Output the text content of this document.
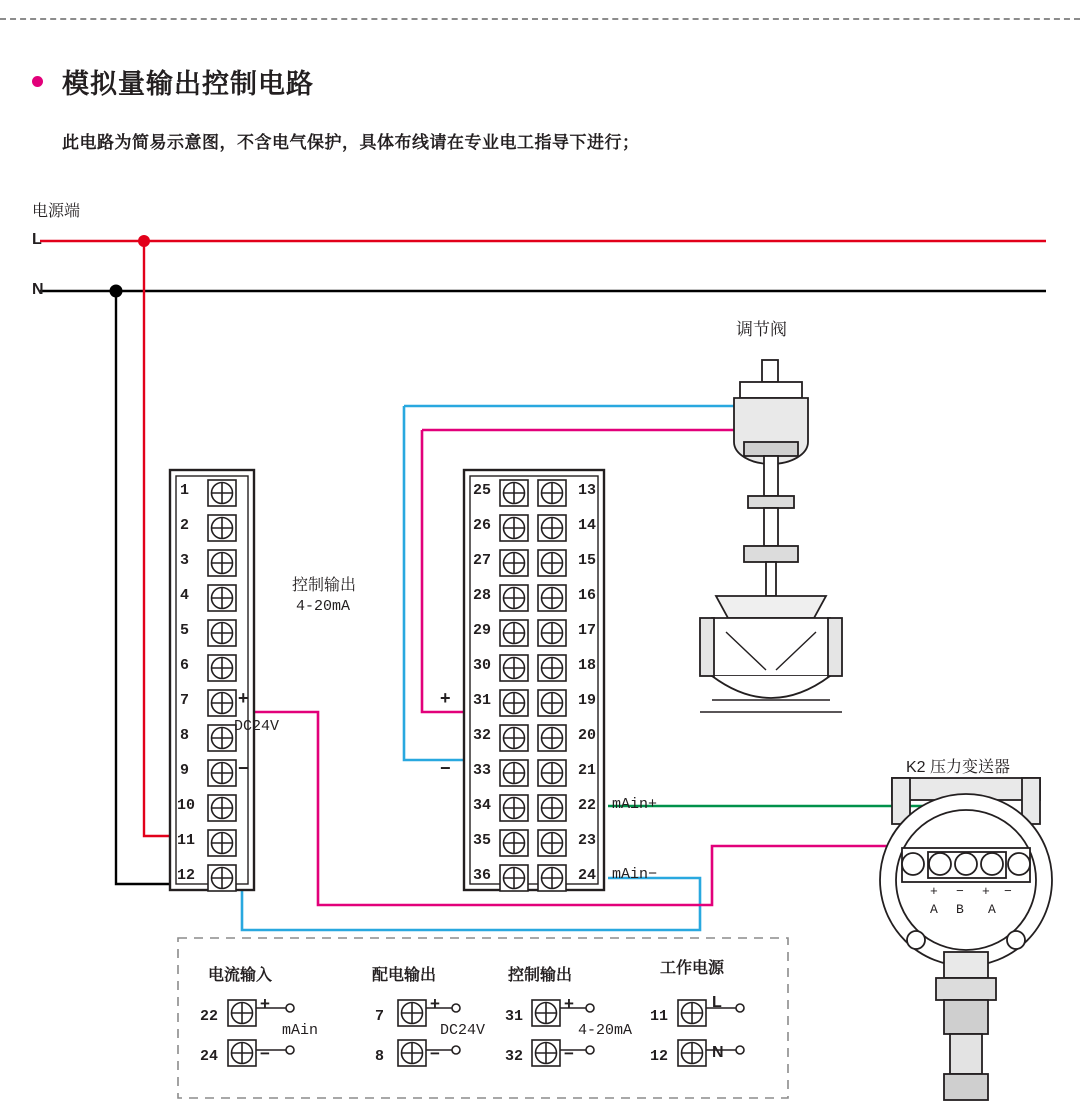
模拟量输出控制电路
此电路为简易示意图，不含电气保护，具体布线请在专业电工指导下进行；
电源端
L
N
调节阀
K2 压力变送器
1
2
3
4
5
6
7
8
9
10
11
12
25
26
27
28
29
30
31
32
33
34
35
36
13
14
15
16
17
18
19
20
21
22
23
24
控制输出
4-20mA
+
DC24V
−
+
−
mAin+
mAin−
+ − + −
A B A
电流输入
22
24
+
−
mAin
配电输出
7
8
+
−
DC24V
控制输出
31
32
+
−
4-20mA
工作电源
11
12
L
N
